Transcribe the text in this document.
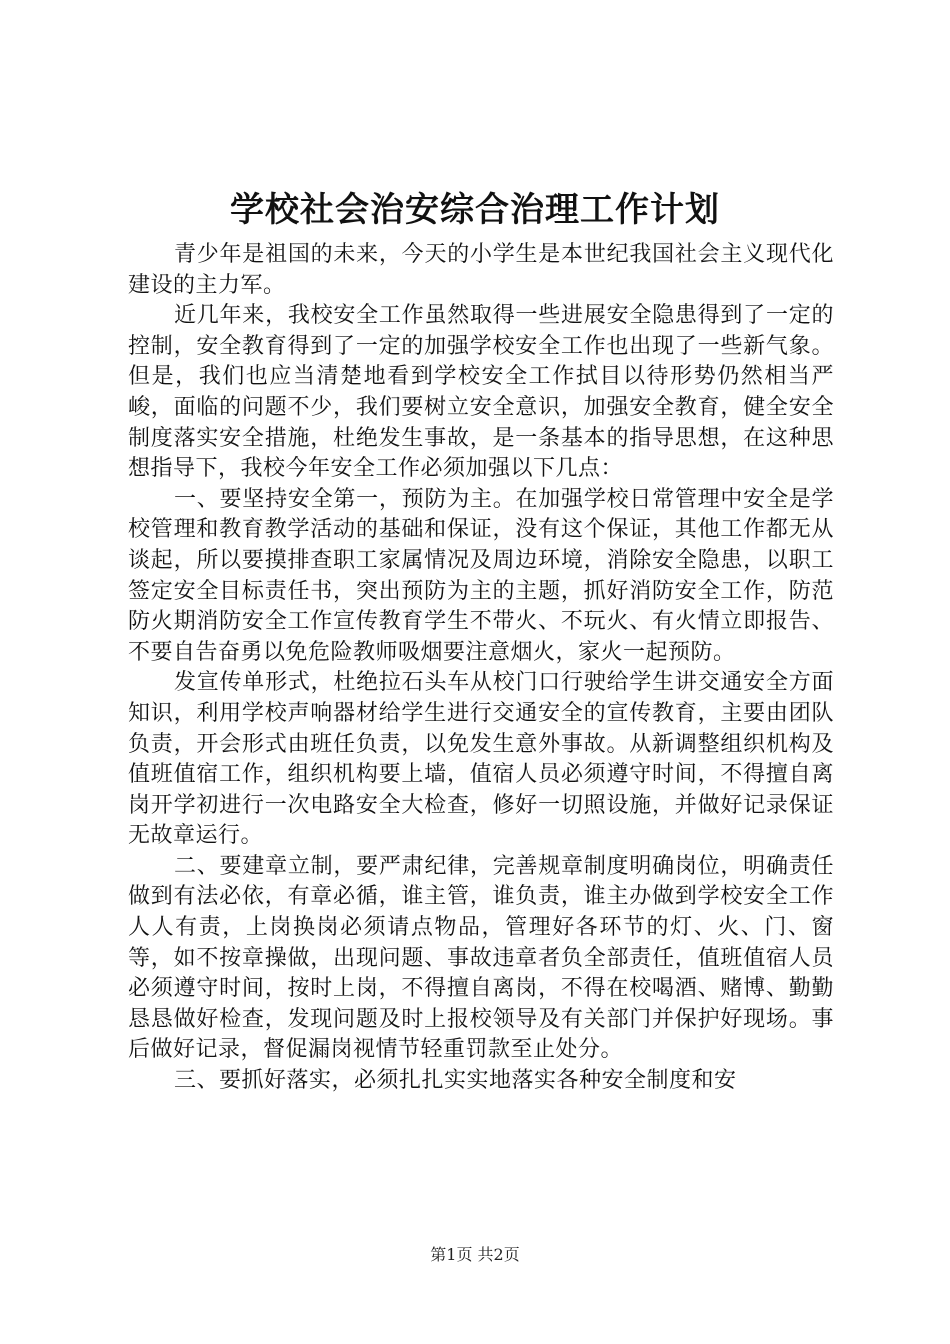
学校社会治安综合治理工作计划

青少年是祖国的未来，今天的小学生是本世纪我国社会主义现代化建设的主力军。

近几年来，我校安全工作虽然取得一些进展安全隐患得到了一定的控制，安全教育得到了一定的加强学校安全工作也出现了一些新气象。但是，我们也应当清楚地看到学校安全工作拭目以待形势仍然相当严峻，面临的问题不少，我们要树立安全意识，加强安全教育，健全安全制度落实安全措施，杜绝发生事故，是一条基本的指导思想，在这种思想指导下，我校今年安全工作必须加强以下几点：

一、要坚持安全第一，预防为主。在加强学校日常管理中安全是学校管理和教育教学活动的基础和保证，没有这个保证，其他工作都无从谈起，所以要摸排查职工家属情况及周边环境，消除安全隐患，以职工签定安全目标责任书，突出预防为主的主题，抓好消防安全工作，防范防火期消防安全工作宣传教育学生不带火、不玩火、有火情立即报告、不要自告奋勇以免危险教师吸烟要注意烟火，家火一起预防。

发宣传单形式，杜绝拉石头车从校门口行驶给学生讲交通安全方面知识，利用学校声响器材给学生进行交通安全的宣传教育，主要由团队负责，开会形式由班任负责，以免发生意外事故。从新调整组织机构及值班值宿工作，组织机构要上墙，值宿人员必须遵守时间，不得擅自离岗开学初进行一次电路安全大检查，修好一切照设施，并做好记录保证无故章运行。

二、要建章立制，要严肃纪律，完善规章制度明确岗位，明确责任做到有法必依，有章必循，谁主管，谁负责，谁主办做到学校安全工作人人有责，上岗换岗必须请点物品，管理好各环节的灯、火、门、窗等，如不按章操做，出现问题、事故违章者负全部责任，值班值宿人员必须遵守时间，按时上岗，不得擅自离岗，不得在校喝酒、赌博、勤勤恳恳做好检查，发现问题及时上报校领导及有关部门并保护好现场。事后做好记录，督促漏岗视情节轻重罚款至止处分。

三、要抓好落实，必须扎扎实实地落实各种安全制度和安

第1页 共2页
